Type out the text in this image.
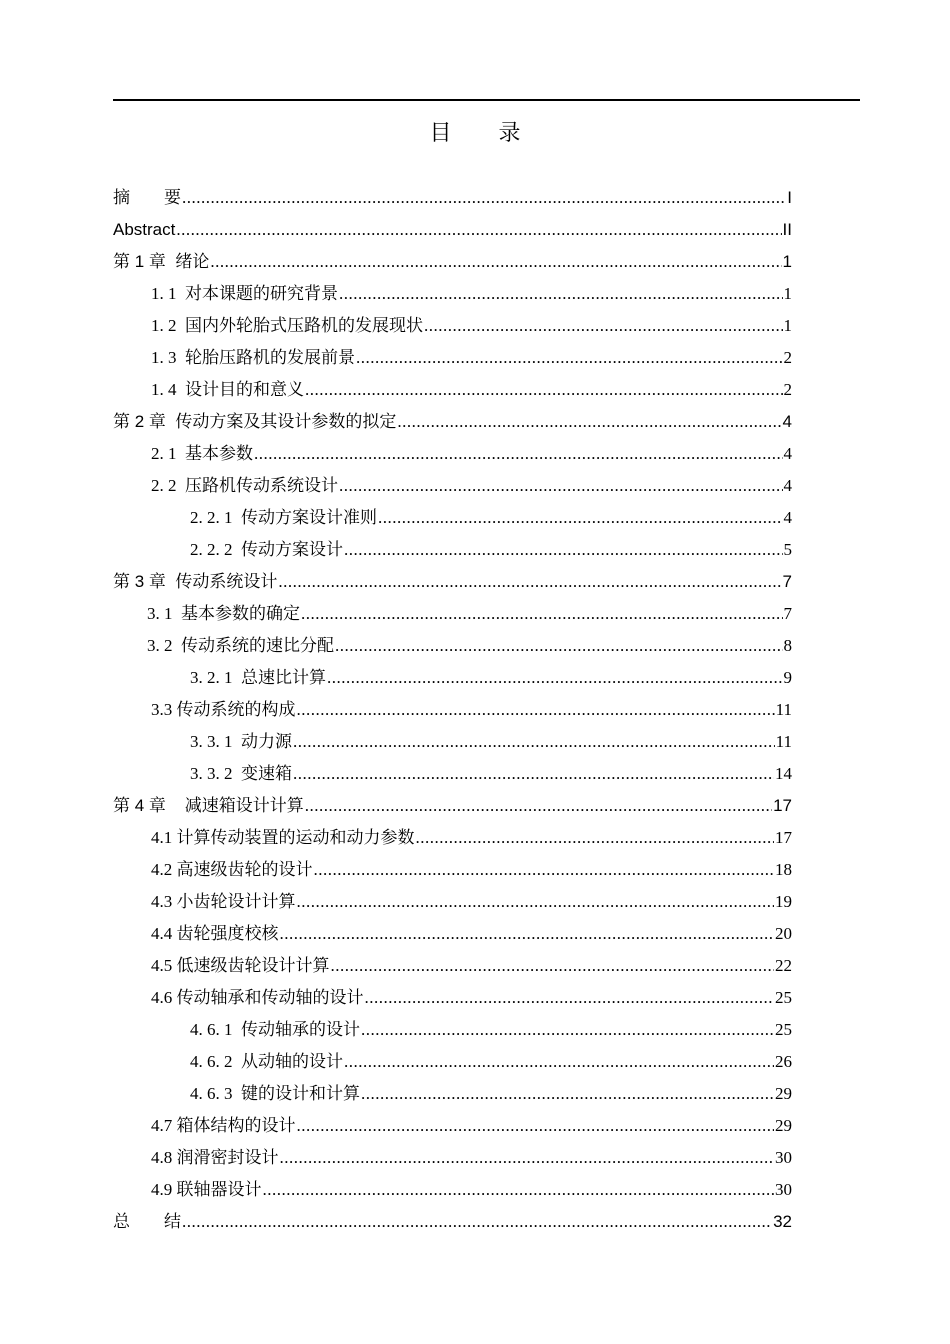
目 录
摘　　要 .....	I
Abstract .....	II
第 1 章  绪论 .....	1
1. 1  对本课题的研究背景 .....	1
1. 2  国内外轮胎式压路机的发展现状 .....	1
1. 3  轮胎压路机的发展前景 .....	2
1. 4  设计目的和意义 .....	2
第 2 章  传动方案及其设计参数的拟定 .....	4
2. 1  基本参数 .....	4
2. 2  压路机传动系统设计 .....	4
2. 2. 1  传动方案设计准则 .....	4
2. 2. 2  传动方案设计 .....	5
第 3 章  传动系统设计 .....	7
3. 1  基本参数的确定 .....	7
3. 2  传动系统的速比分配 .....	8
3. 2. 1  总速比计算 .....	9
3.3 传动系统的构成 .....	11
3. 3. 1  动力源 .....	11
3. 3. 2  变速箱 .....	14
第 4 章    减速箱设计计算 .....	17
4.1 计算传动装置的运动和动力参数 .....	17
4.2 高速级齿轮的设计 .....	18
4.3 小齿轮设计计算 .....	19
4.4 齿轮强度校核 .....	20
4.5 低速级齿轮设计计算 .....	22
4.6 传动轴承和传动轴的设计 .....	25
4. 6. 1  传动轴承的设计 .....	25
4. 6. 2  从动轴的设计 .....	26
4. 6. 3  键的设计和计算 .....	29
4.7 箱体结构的设计 .....	29
4.8 润滑密封设计 .....	30
4.9 联轴器设计 .....	30
总　　结 .....	32
